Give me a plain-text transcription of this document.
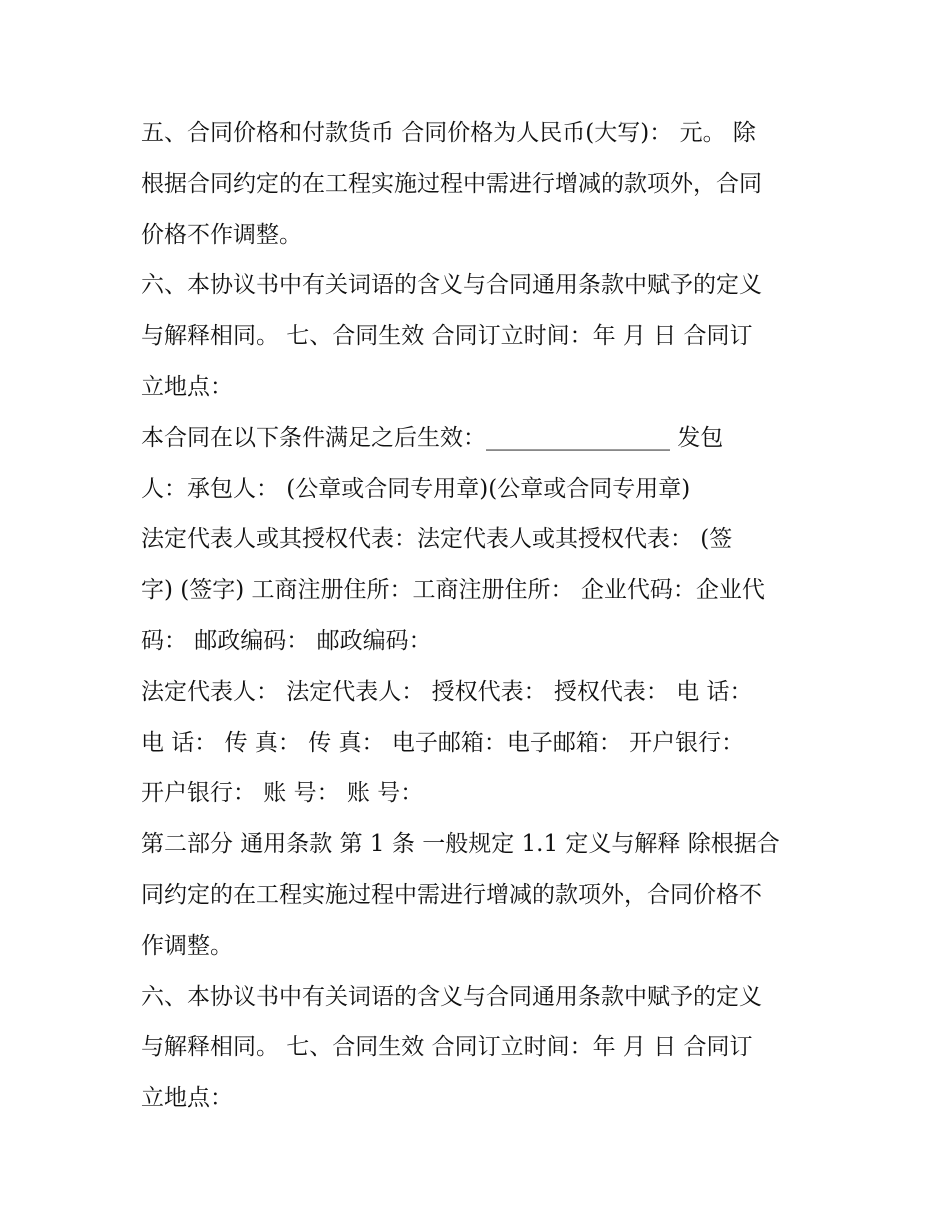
五、合同价格和付款货币 合同价格为人民币(大写)： 元。 除
根据合同约定的在工程实施过程中需进行增减的款项外，合同
价格不作调整。
六、本协议书中有关词语的含义与合同通用条款中赋予的定义
与解释相同。 七、合同生效 合同订立时间：年 月 日 合同订
立地点：
本合同在以下条件满足之后生效：________________ 发包
人：承包人： (公章或合同专用章)(公章或合同专用章)
法定代表人或其授权代表：法定代表人或其授权代表： (签
字) (签字) 工商注册住所：工商注册住所： 企业代码：企业代
码： 邮政编码： 邮政编码：
法定代表人： 法定代表人： 授权代表： 授权代表： 电 话：
电 话： 传 真： 传 真： 电子邮箱：电子邮箱： 开户银行：
开户银行： 账 号： 账 号：
第二部分 通用条款 第 1 条 一般规定 1.1 定义与解释 除根据合
同约定的在工程实施过程中需进行增减的款项外，合同价格不
作调整。
六、本协议书中有关词语的含义与合同通用条款中赋予的定义
与解释相同。 七、合同生效 合同订立时间：年 月 日 合同订
立地点：
